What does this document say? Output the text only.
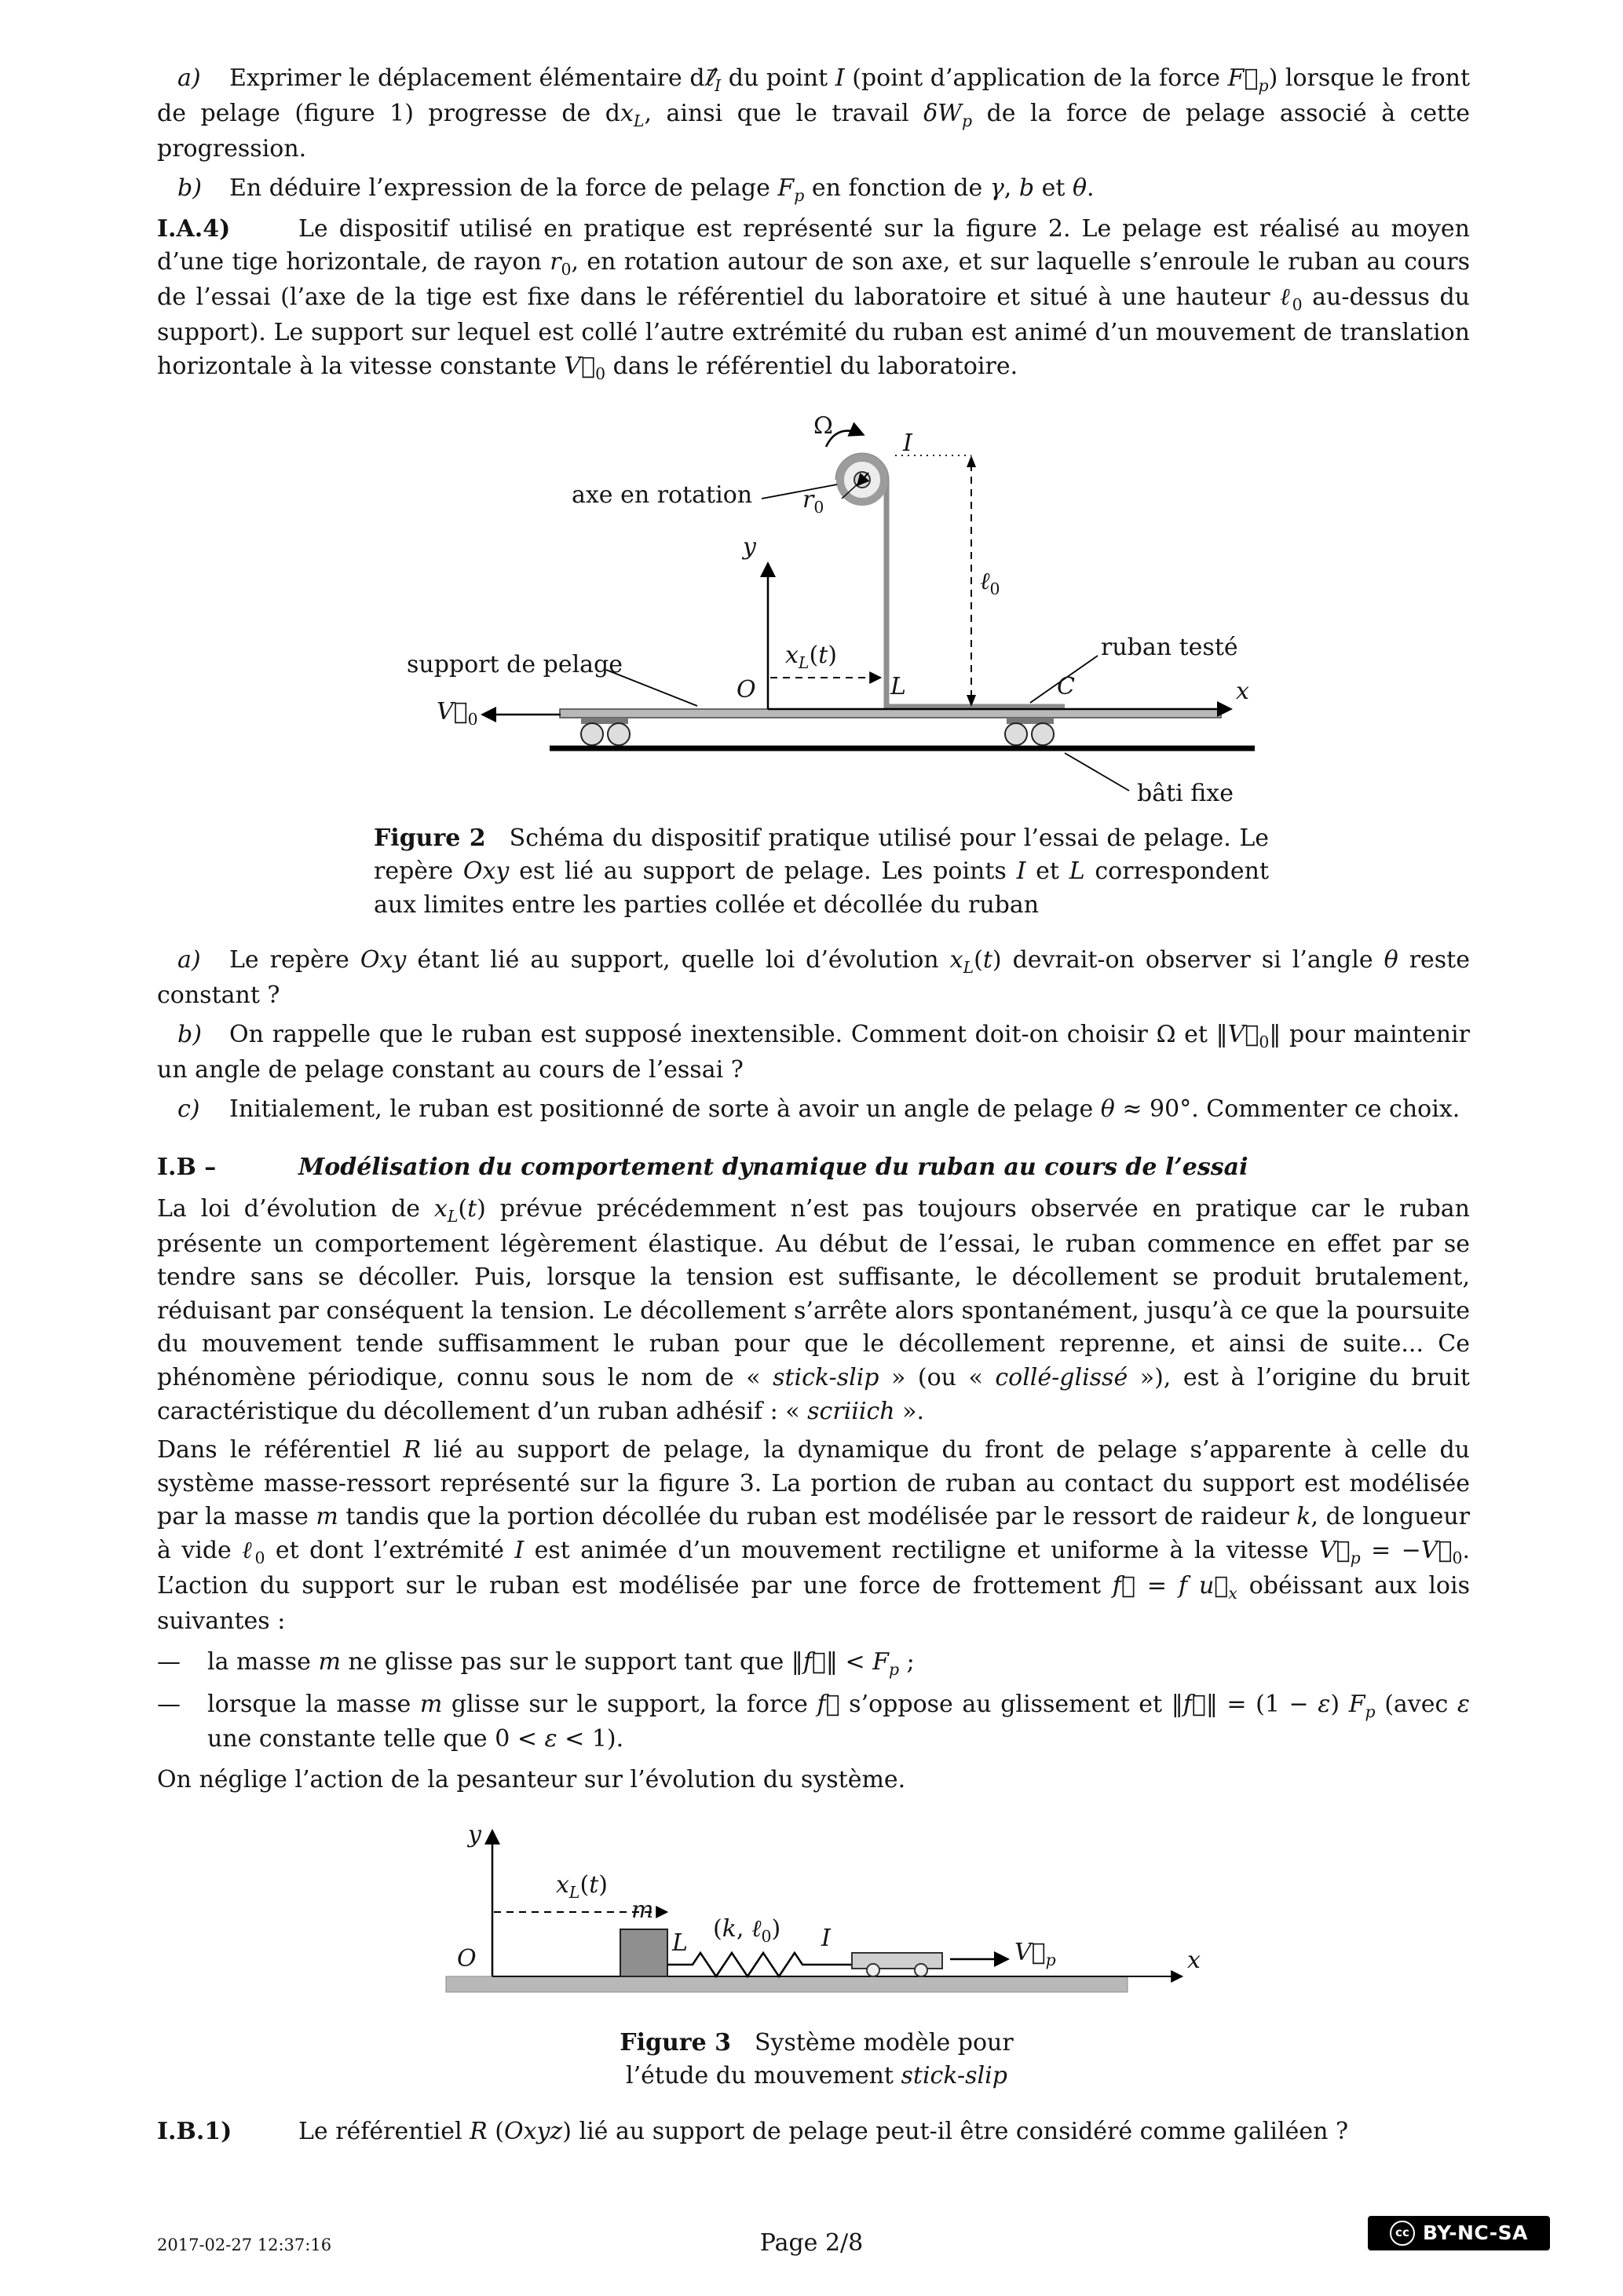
a) Exprimer le déplacement élémentaire $d\ell⃗_I$ du point I (point d’application de la force $F⃗_p$) lorsque le front de pelage (figure 1) progresse de $dx_L$, ainsi que le travail $\delta W_p$ de la force de pelage associé à cette progression.

b) En déduire l’expression de la force de pelage $F_p$ en fonction de γ, b et θ.

I.A.4)	Le dispositif utilisé en pratique est représenté sur la figure 2. Le pelage est réalisé au moyen d’une tige horizontale, de rayon $r_0$, en rotation autour de son axe, et sur laquelle s’enroule le ruban au cours de l’essai (l’axe de la tige est fixe dans le référentiel du laboratoire et situé à une hauteur ℓ$_0$ au-dessus du support). Le support sur lequel est collé l’autre extrémité du ruban est animé d’un mouvement de translation horizontale à la vitesse constante $V⃗_0$ dans le référentiel du laboratoire.

Ω
I
$r_0$
axe en rotation
y
ℓ$_0$
$x_L(t)$
O	L	C	x
ruban testé
support de pelage
$V⃗_0$
bâti fixe
Figure 2 Schéma du dispositif pratique utilisé pour l’essai de pelage. Le repère Oxy est lié au support de pelage. Les points I et L correspondent aux limites entre les parties collée et décollée du ruban

a) Le repère Oxy étant lié au support, quelle loi d’évolution $x_L(t)$ devrait-on observer si l’angle θ reste constant ?

b) On rappelle que le ruban est supposé inextensible. Comment doit-on choisir Ω et $‖V⃗_0‖$ pour maintenir un angle de pelage constant au cours de l’essai ?

c) Initialement, le ruban est positionné de sorte à avoir un angle de pelage θ ≈ 90°. Commenter ce choix.

I.B –	Modélisation du comportement dynamique du ruban au cours de l’essai

La loi d’évolution de $x_L(t)$ prévue précédemment n’est pas toujours observée en pratique car le ruban présente un comportement légèrement élastique. Au début de l’essai, le ruban commence en effet par se tendre sans se décoller. Puis, lorsque la tension est suffisante, le décollement se produit brutalement, réduisant par conséquent la tension. Le décollement s’arrête alors spontanément, jusqu’à ce que la poursuite du mouvement tende suffisamment le ruban pour que le décollement reprenne, et ainsi de suite... Ce phénomène périodique, connu sous le nom de « stick-slip » (ou « collé-glissé »), est à l’origine du bruit caractéristique du décollement d’un ruban adhésif : « scriiich ».

Dans le référentiel R lié au support de pelage, la dynamique du front de pelage s’apparente à celle du système masse-ressort représenté sur la figure 3. La portion de ruban au contact du support est modélisée par la masse m tandis que la portion décollée du ruban est modélisée par le ressort de raideur k, de longueur à vide ℓ$_0$ et dont l’extrémité I est animée d’un mouvement rectiligne et uniforme à la vitesse $V⃗_p$ = $-V⃗_0$. L’action du support sur le ruban est modélisée par une force de frottement f⃗ = f $u⃗_x$ obéissant aux lois suivantes :

— la masse m ne glisse pas sur le support tant que ‖f⃗‖ < $F_p$ ;

— lorsque la masse m glisse sur le support, la force f⃗ s’oppose au glissement et ‖f⃗‖ = (1 − ε) $F_p$ (avec ε une constante telle que 0 < ε < 1).

On néglige l’action de la pesanteur sur l’évolution du système.

y
$x_L(t)$
m
L
(k, ℓ$_0$) I
$V⃗_p$
O	x
Figure 3 Système modèle pour
l’étude du mouvement stick-slip

I.B.1)	Le référentiel R (Oxyz) lié au support de pelage peut-il être considéré comme galiléen ?

2017-02-27 12:37:16	Page 2/8	cc BY-NC-SA
